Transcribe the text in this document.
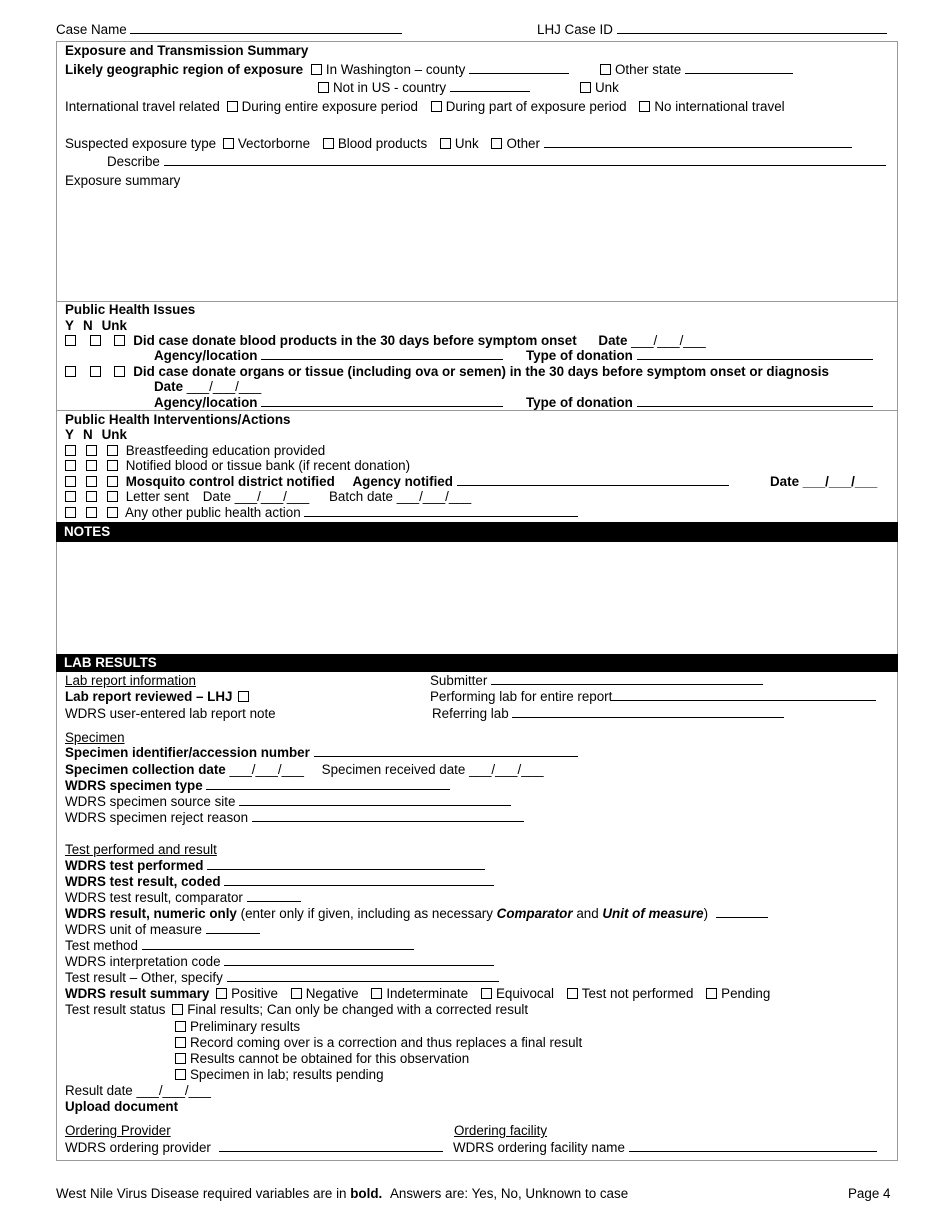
Case Name	LHJ Case ID
Exposure and Transmission Summary
Likely geographic region of exposure In Washington – county	Other state
Not in US - country	Unk
International travel related During entire exposure period During part of exposure period No international travel
Suspected exposure type Vectorborne Blood products Unk Other
Describe
Exposure summary
Public Health Issues
Y N Unk
Did case donate blood products in the 30 days before symptom onset Date ___/___/___
Agency/location	Type of donation
Did case donate organs or tissue (including ova or semen) in the 30 days before symptom onset or diagnosis
Date ___/___/___
Agency/location	Type of donation
Public Health Interventions/Actions
Y N Unk
Breastfeeding education provided
Notified blood or tissue bank (if recent donation)
Mosquito control district notified Agency notified	Date ___/___/___
Letter sent Date ___/___/___ Batch date ___/___/___
Any other public health action
NOTES
LAB RESULTS
Lab report information	Submitter
Lab report reviewed – LHJ	Performing lab for entire report
WDRS user-entered lab report note	Referring lab
Specimen
Specimen identifier/accession number
Specimen collection date ___/___/___ Specimen received date ___/___/___
WDRS specimen type
WDRS specimen source site
WDRS specimen reject reason
Test performed and result
WDRS test performed
WDRS test result, coded
WDRS test result, comparator
WDRS result, numeric only (enter only if given, including as necessary Comparator and Unit of measure)
WDRS unit of measure
Test method
WDRS interpretation code
Test result – Other, specify
WDRS result summary Positive Negative Indeterminate Equivocal Test not performed Pending
Test result status Final results; Can only be changed with a corrected result
Preliminary results
Record coming over is a correction and thus replaces a final result
Results cannot be obtained for this observation
Specimen in lab; results pending
Result date ___/___/___
Upload document
Ordering Provider	Ordering facility
WDRS ordering provider	WDRS ordering facility name
West Nile Virus Disease required variables are in bold. Answers are: Yes, No, Unknown to case	Page 4
